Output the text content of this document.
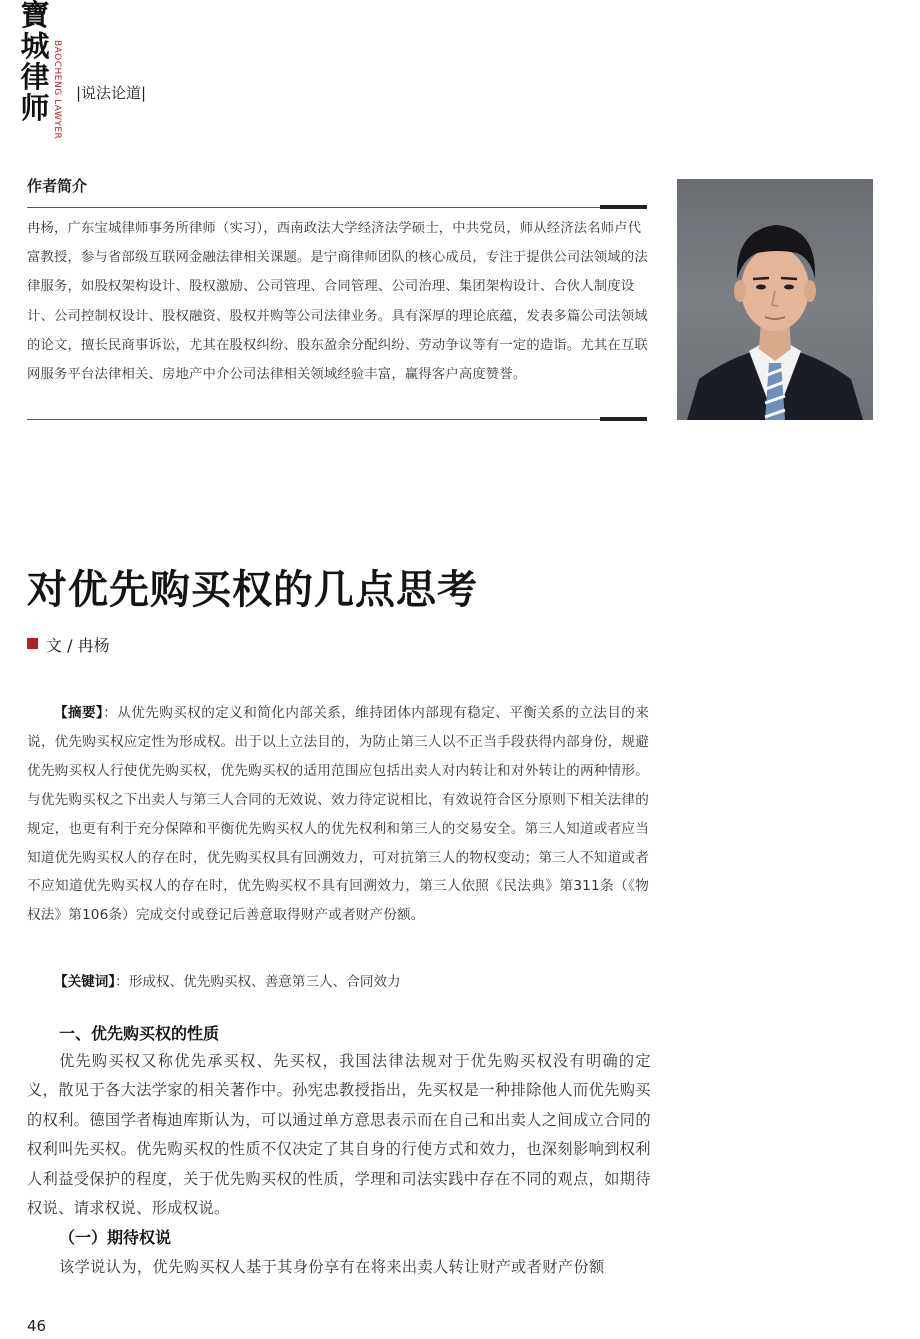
寶城律师 BAOCHENG LAWYER |说法论道|
作者简介
冉杨，广东宝城律师事务所律师（实习），西南政法大学经济法学硕士，中共党员，师从经济法名师卢代富教授，参与省部级互联网金融法律相关课题。是宁商律师团队的核心成员，专注于提供公司法领域的法律服务，如股权架构设计、股权激励、公司管理、合同管理、公司治理、集团架构设计、合伙人制度设计、公司控制权设计、股权融资、股权并购等公司法律业务。具有深厚的理论底蕴，发表多篇公司法领域的论文，擅长民商事诉讼，尤其在股权纠纷、股东盈余分配纠纷、劳动争议等有一定的造诣。尤其在互联网服务平台法律相关、房地产中介公司法律相关领域经验丰富，赢得客户高度赞誉。
对优先购买权的几点思考
文 / 冉杨
【摘要】：从优先购买权的定义和简化内部关系，维持团体内部现有稳定、平衡关系的立法目的来说，优先购买权应定性为形成权。出于以上立法目的，为防止第三人以不正当手段获得内部身份，规避优先购买权人行使优先购买权，优先购买权的适用范围应包括出卖人对内转让和对外转让的两种情形。与优先购买权之下出卖人与第三人合同的无效说、效力待定说相比，有效说符合区分原则下相关法律的规定，也更有利于充分保障和平衡优先购买权人的优先权利和第三人的交易安全。第三人知道或者应当知道优先购买权人的存在时，优先购买权具有回溯效力，可对抗第三人的物权变动；第三人不知道或者不应知道优先购买权人的存在时，优先购买权不具有回溯效力，第三人依照《民法典》第311条（《物权法》第106条）完成交付或登记后善意取得财产或者财产份额。
【关键词】：形成权、优先购买权、善意第三人、合同效力
一、优先购买权的性质
优先购买权又称优先承买权、先买权，我国法律法规对于优先购买权没有明确的定义，散见于各大法学家的相关著作中。孙宪忠教授指出，先买权是一种排除他人而优先购买的权利。德国学者梅迪库斯认为，可以通过单方意思表示而在自己和出卖人之间成立合同的权利叫先买权。优先购买权的性质不仅决定了其自身的行使方式和效力，也深刻影响到权利人利益受保护的程度，关于优先购买权的性质，学理和司法实践中存在不同的观点，如期待权说、请求权说、形成权说。
（一）期待权说
该学说认为，优先购买权人基于其身份享有在将来出卖人转让财产或者财产份额
46
